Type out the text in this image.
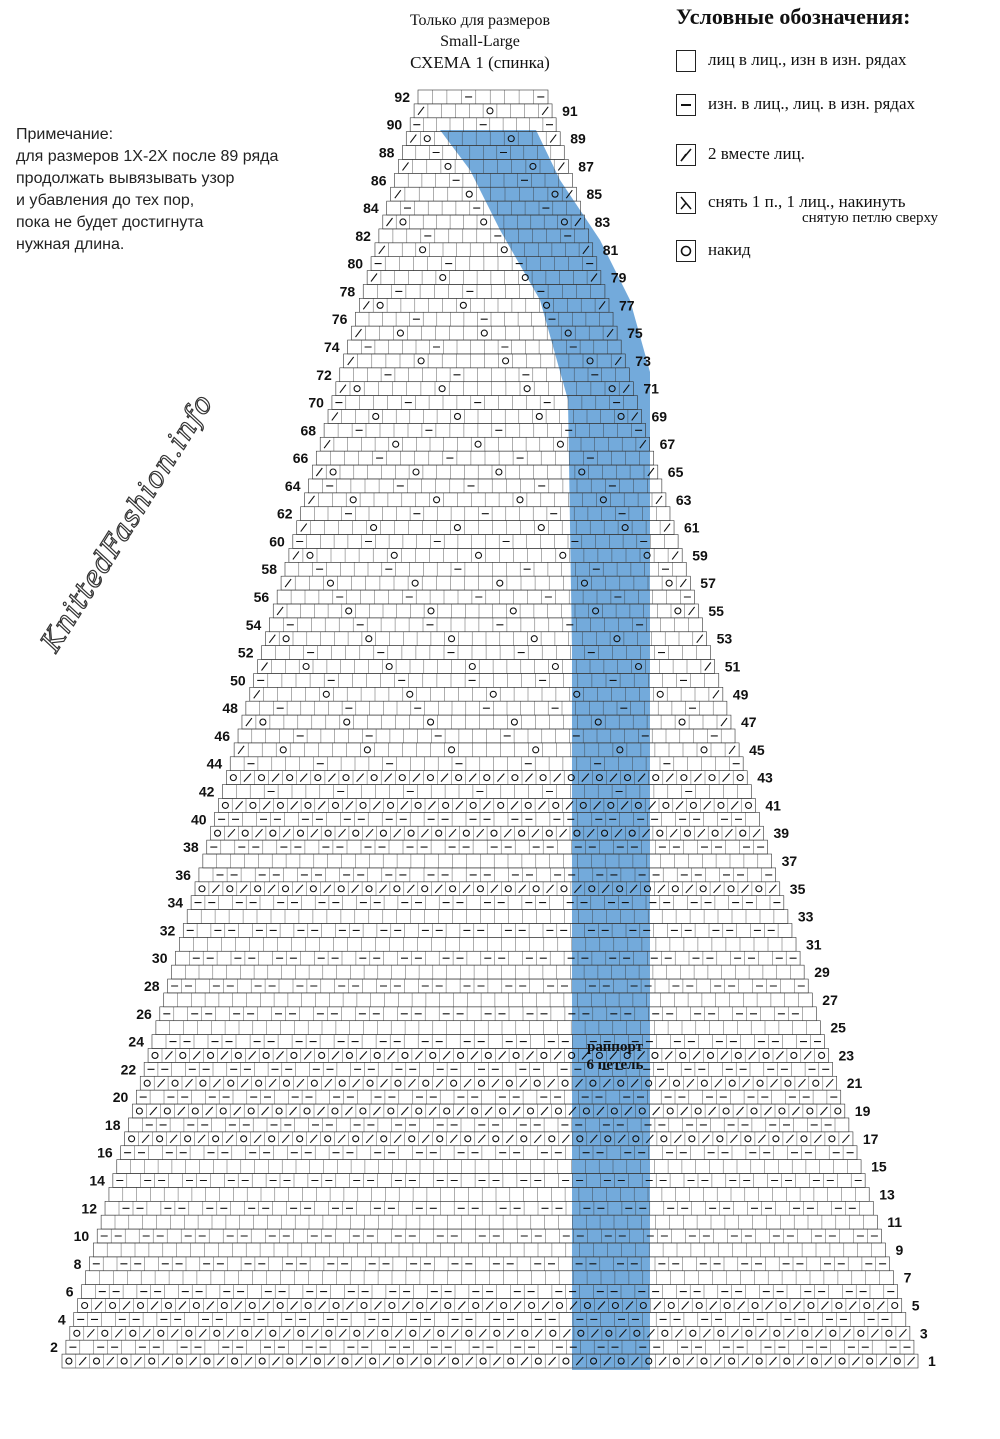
Только для размеров
Small-Large
СХЕМА 1 (спинка)
Условные обозначения:
лиц в лиц., изн в изн. рядах
изн. в лиц., лиц. в изн. рядах
2 вместе лиц.
снять 1 п., 1 лиц., накинуть
снятую петлю сверху
накид
Примечание:
для размеров 1Х-2Х после 89 ряда
продолжать вывязывать узор
и убавления до тех пор,
пока не будет достигнута
нужная длина.
1
3
5
7
9
11
13
15
17
19
21
23
25
27
29
31
33
35
37
39
41
43
45
47
49
51
53
55
57
59
61
63
65
67
69
71
73
75
77
79
81
83
85
87
89
91
2
4
6
8
10
12
14
16
18
20
22
24
26
28
30
32
34
36
38
40
42
44
46
48
50
52
54
56
58
60
62
64
66
68
70
72
74
76
78
80
82
84
86
88
90
92
KnittedFashion.info
раппорт
6 петель
